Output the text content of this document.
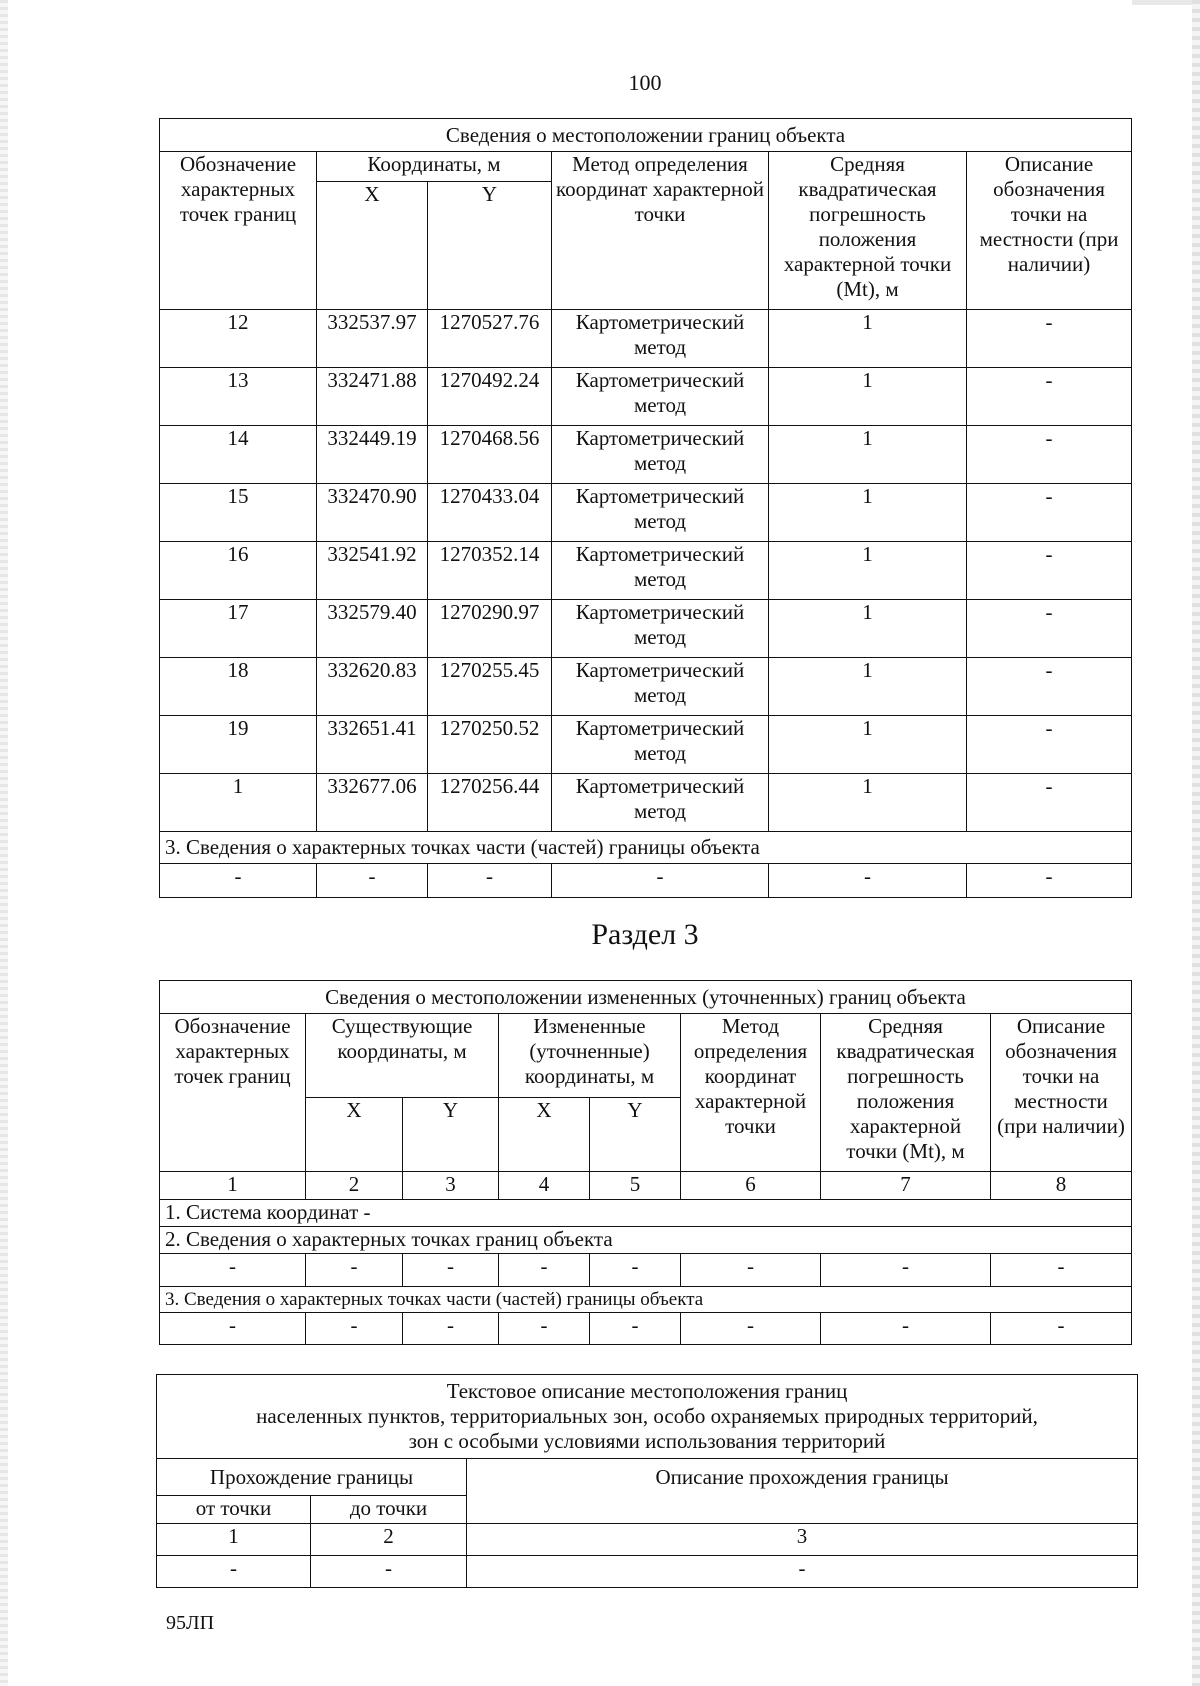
100
Сведения о местоположении границ объекта					
Обозначение характерных точек границ	Координаты, м		Метод определения координат характерной точки	Средняя квадратическая погрешность положения характерной точки (Mt), м	Описание обозначения точки на местности (при наличии)
	X	Y			
12	332537.97	1270527.76	Картометрический метод	1	-
13	332471.88	1270492.24	Картометрический метод	1	-
14	332449.19	1270468.56	Картометрический метод	1	-
15	332470.90	1270433.04	Картометрический метод	1	-
16	332541.92	1270352.14	Картометрический метод	1	-
17	332579.40	1270290.97	Картометрический метод	1	-
18	332620.83	1270255.45	Картометрический метод	1	-
19	332651.41	1270250.52	Картометрический метод	1	-
1	332677.06	1270256.44	Картометрический метод	1	-
3. Сведения о характерных точках части (частей) границы объекта					
-	-	-	-	-	-
Раздел 3
Сведения о местоположении измененных (уточненных) границ объекта							
Обозначение характерных точек границ	Существующие координаты, м		Измененные (уточненные) координаты, м		Метод определения координат характерной точки	Средняя квадратическая погрешность положения характерной точки (Mt), м	Описание обозначения точки на местности (при наличии)
	X	Y	X	Y			
1	2	3	4	5	6	7	8
1. Система координат -							
2. Сведения о характерных точках границ объекта							
-	-	-	-	-	-	-	-
3. Сведения о характерных точках части (частей) границы объекта							
-	-	-	-	-	-	-	-
Текстовое описание местоположения границ
населенных пунктов, территориальных зон, особо охраняемых природных территорий,
зон с особыми условиями использования территорий		

Прохождение границы		Описание прохождения границы
от точки	до точки	
1	2	3
-	-	-
95ЛП
